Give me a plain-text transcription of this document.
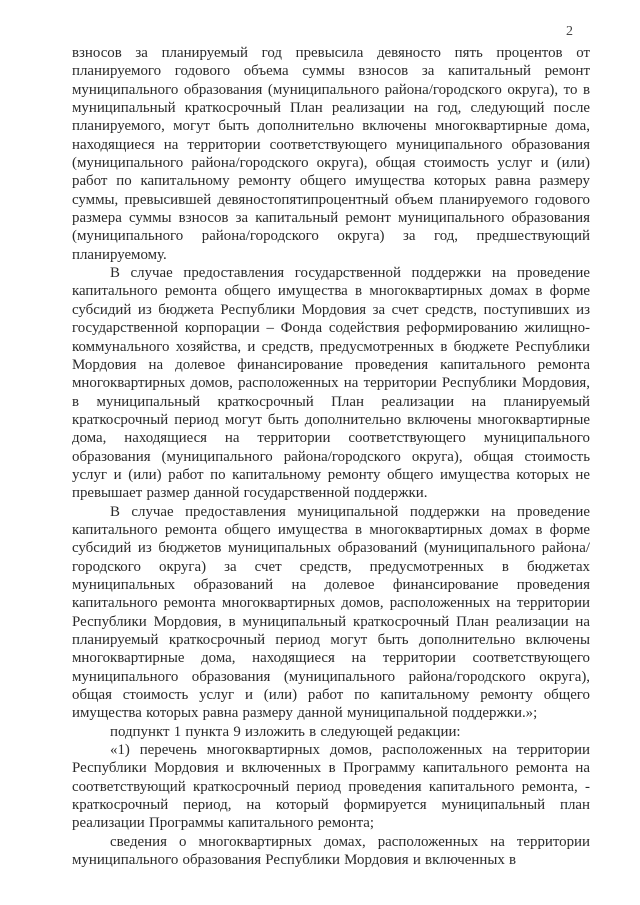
2

взносов за планируемый год превысила девяносто пять процентов от планируемого годового объема суммы взносов за капитальный ремонт муниципального образования (муниципального района/городского округа), то в муниципальный краткосрочный План реализации на год, следующий после планируемого, могут быть дополнительно включены многоквартирные дома, находящиеся на территории соответствующего муниципального образования (муниципального района/городского округа), общая стоимость услуг и (или) работ по капитальному ремонту общего имущества которых равна размеру суммы, превысившей девяностопятипроцентный объем планируемого годового размера суммы взносов за капитальный ремонт муниципального образования (муниципального района/городского округа) за год, предшествующий планируемому.

В случае предоставления государственной поддержки на проведение капитального ремонта общего имущества в многоквартирных домах в форме субсидий из бюджета Республики Мордовия за счет средств, поступивших из государственной корпорации – Фонда содействия реформированию жилищно-коммунального хозяйства, и средств, предусмотренных в бюджете Республики Мордовия на долевое финансирование проведения капитального ремонта многоквартирных домов, расположенных на территории Республики Мордовия, в муниципальный краткосрочный План реализации на планируемый краткосрочный период могут быть дополнительно включены многоквартирные дома, находящиеся на территории соответствующего муниципального образования (муниципального района/городского округа), общая стоимость услуг и (или) работ по капитальному ремонту общего имущества которых не превышает размер данной государственной поддержки.

В случае предоставления муниципальной поддержки на проведение капитального ремонта общего имущества в многоквартирных домах в форме субсидий из бюджетов муниципальных образований (муниципального района/городского округа) за счет средств, предусмотренных в бюджетах муниципальных образований на долевое финансирование проведения капитального ремонта многоквартирных домов, расположенных на территории Республики Мордовия, в муниципальный краткосрочный План реализации на планируемый краткосрочный период могут быть дополнительно включены многоквартирные дома, находящиеся на территории соответствующего муниципального образования (муниципального района/городского округа), общая стоимость услуг и (или) работ по капитальному ремонту общего имущества которых равна размеру данной муниципальной поддержки.»;

подпункт 1 пункта 9 изложить в следующей редакции:

«1) перечень многоквартирных домов, расположенных на территории Республики Мордовия и включенных в Программу капитального ремонта на соответствующий краткосрочный период проведения капитального ремонта, - краткосрочный период, на который формируется муниципальный план реализации Программы капитального ремонта;

сведения о многоквартирных домах, расположенных на территории муниципального образования Республики Мордовия и включенных в
